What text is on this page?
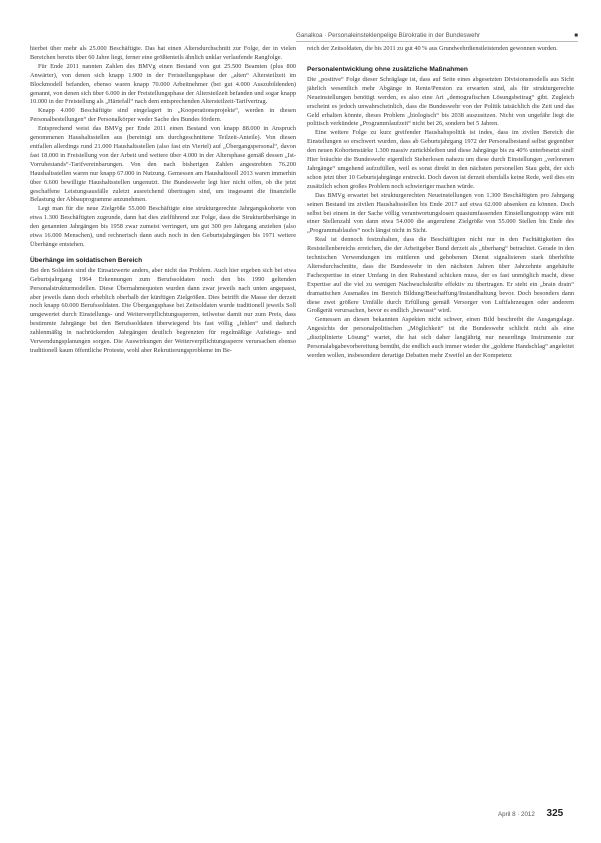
Ganalkoa · Personaleinsteklenpelige Bürokratie in der Bundeswehr	■

hierbei über mehr als 25.000 Beschäftigte. Das hat einen Altersdurchschnitt zur Folge, der in vielen Bereichen bereits über 60 Jahre liegt, ferner eine größtenteils ähnlich unklar verlaufende Rangfolge.

Für Ende 2011 nannten Zahlen des BMVg einen Bestand von gut 25.500 Beamten (plus 800 Anwärter), von denen sich knapp 1.900 in der Freistellungsphase der „alten“ Altersteilzeit im Blockmodell befanden, ebenso waren knapp 70.000 Arbeitnehmer (bei gut 4.000 Auszubildenden) genannt, von denen sich über 6.000 in der Freistellungsphase der Altersteilzeit befanden und sogar knapp 10.000 in der Freistellung als „Härtefall“ nach dem entsprechenden Altersteilzeit-Tarifvertrag.

Knapp 4.000 Beschäftigte sind eingelagert in „Kooperationsprojekte“, werden in diesen Personalbestellungen“ der Personalkörper weder Sache des Bundes fördern.

Entsprechend weist das BMVg per Ende 2011 einen Bestand von knapp 88.000 in Anspruch genommenen Haushaltsstellen aus (bereinigt um durchgeschnittene Teilzeit-Anteile). Von diesen entfallen allerdings rund 21.000 Haushaltsstellen (also fast ein Viertel) auf „Übergangspersonal“, davon fast 18.000 in Freistellung von der Arbeit und weitere über 4.000 in der Altersphase gemäß dessen „Ist-Vorruhestands“-Tarifvereinbarungen. Von den nach bisherigen Zahlen angestrebten 76.200 Haushaltsstellen waren nur knapp 67.000 in Nutzung. Gemessen am Haushaltssoll 2013 waren immerhin über 6.600 bewilligte Haushaltsstellen ungenutzt. Die Bundeswehr legt hier nicht offen, ob die jetzt geschaffene Leistungsausfälle zuletzt ausreichend übertragen sind, um insgesamt die finanzielle Belastung der Abbauprogramme anzunehmen.

Legt man für die neue Zielgröße 55.000 Beschäftigte eine strukturgerechte Jahrgangskohorte von etwa 1.300 Beschäftigten zugrunde, dann hat dies zielführend zur Folge, dass die Strukturüberhänge in den genannten Jahrgängen bis 1958 zwar zumeist verringert, um gut 300 pro Jahrgang anziehen (also etwa 16.000 Menschen), und rechnerisch dann auch noch in den Geburtsjahrgängen bis 1971 weitere Überhänge entstehen.

Überhänge im soldatischen Bereich

Bei den Soldaten sind die Einsatzwerte anders, aber nicht das Problem. Auch hier ergeben sich bei etwa Geburtsjahrgang 1964 Erkennungen zum Berufssoldaten noch den bis 1990 geltenden Personalstrukturmodellen. Diese Übernahmequoten wurden dann zwar jeweils nach unten angepasst, aber jeweils dann doch erheblich oberhalb der künftigen Zielgrößen. Dies betrifft die Masse der derzeit noch knapp 60.000 Berufssoldaten. Die Übergangsphase bei Zeitsoldaten wurde traditionell jeweils Soll umgewertet durch Einstellungs- und Weiterverpflichtungssperren, teilweise damit nur zum Preis, dass bestimmte Jahrgänge bei den Berufssoldaten überwiegend bis fast völlig „fehlen“ und dadurch zahlenmäßig in nachrückenden Jahrgängen deutlich begrenzten für regelmäßige Aufstiegs- und Verwendungsplanungen sorgen. Die Auswirkungen der Weiterverpflichtungssperre verursachen ebenso traditionell kaum öffentliche Proteste, wohl aber Rekrutierungsprobleme im Be-

reich der Zeitsoldaten, die bis 2011 zu gut 40 % aus Grundwehrdienstleistenden gewonnen wurden.

Personalentwicklung ohne zusätzliche Maßnahmen

Die „positive“ Folge dieser Schräglage ist, dass auf Seite eines abgesetzten Divisionsmodells aus Sicht jährlich wesentlich mehr Abgänge in Rente/Pension zu erwarten sind, als für strukturgerechte Neueinstellungen benötigt werden, es also eine Art „demografischen Lösungsbeitrag“ gibt. Zugleich erscheint es jedoch unwahrscheinlich, dass die Bundeswehr von der Politik tatsächlich die Zeit und das Geld erhalten könnte, dieses Problem „biologisch“ bis 2038 auszusitzen. Nicht von ungefähr liegt die politisch verkündete „Programmlaufzeit“ nicht bei 26, sondern bei 5 Jahren.

Eine weitere Folge zu kurz greifender Haushaltspolitik ist indes, dass im zivilen Bereich die Einstellungen so erschwert wurden, dass ab Geburtsjahrgang 1972 der Personalbestand selbst gegenüber den neuen Kohortenstärke 1.300 massiv zurückbleiben und diese Jahrgänge bis zu 40% unterbesetzt sind! Hier bräuchte die Bundeswehr eigentlich Steherlosen nahezu um diese durch Einstellungen „verlorenen Jahrgänge“ umgehend aufzufüllen, weil es sonst direkt in den nächsten personellen Stau geht, der sich schon jetzt über 10 Geburtsjahrgänge erstreckt. Doch davon ist derzeit ebenfalls keine Rede, weil dies ein zusätzlich schon großes Problem noch schwieriger machen würde.

Das BMVg erwartet bei strukturgerechten Neueinstellungen von 1.300 Beschäftigten pro Jahrgang seinen Bestand im zivilen Haushaltsstellen bis Ende 2017 auf etwa 62.000 absenken zu können. Doch selbst bei einem in der Sache völlig verantwortungslosen quasiumfassenden Einstellungsstopp wäre mit einer Stellenzahl von dann etwa 54.000 die angerufene Zielgröße von 55.000 Stellen bis Ende des „Programmablaufes“ noch längst nicht in Sicht.

Real ist dennoch festzuhalten, dass die Beschäftigten nicht nur in den Fachtätigkeiten des Reststellenbereichs erreichen, die der Arbeitgeber Bund derzeit als „überhang“ betrachtet. Gerade in den technischen Verwendungen im mittleren und gehobenen Dienst signalisieren stark überhöhte Altersdurchschnitte, dass die Bundeswehr in den nächsten Jahren über Jahrzehnte angehäufte Fachexpertise in einer Umfang in den Ruhestand schicken muss, der es fast unmöglich macht, diese Expertise auf die viel zu wenigen Nachwuchskräfte effektiv zu übertragen. Er steht ein „brain drain“ dramatischen Ausmaßes im Bereich Bildung/Beschaffung/Instandhaltung bevor. Doch besonders dann diese zwei größere Umfälle durch Erfüllung gemäß Versorger von Luftfahrzeugen oder anderem Großgerät verursachen, bevor es endlich „bewusst“ wird.

Gemessen an diesen bekannten Aspekten nicht schwer, einen Bild beschreibt die Ausgangslage. Angesichts der personalpolitischen „Möglichkeit“ ist die Bundeswehr schlicht nicht als eine „disziplinierte Lösung“ wartet, die hat sich daher langjährig nur neuerdings Instrumente zur Personalabgabevorbereitung bemüht, die endlich auch immer wieder die „goldene Handschlag“ angeleitet werden wollen, insbesondere derartige Debatten mehr Zweifel an der Kompetenz

April 8 · 2012 325
